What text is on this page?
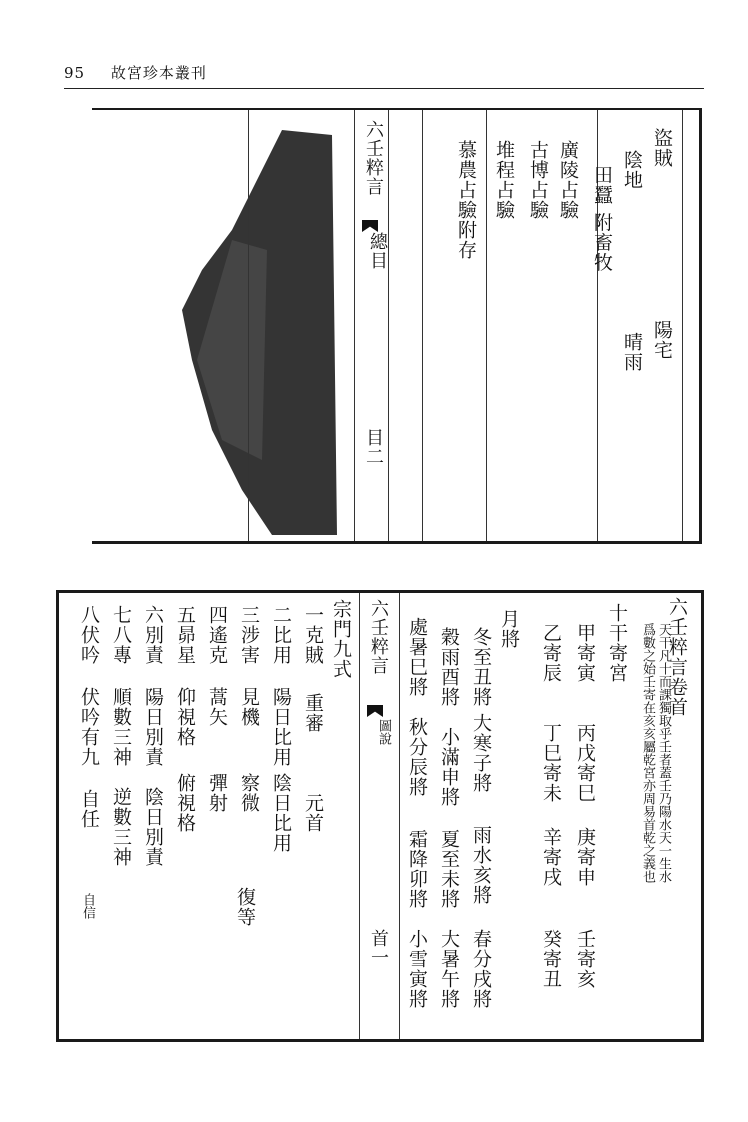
95 故宮珍本叢刊
六壬粹言
總目
目二
盜賊
陽宅
陰地
晴雨
田蠶 附畜牧
廣陵占驗
古博占驗
堆程占驗
慕農占驗附存
六壬粹言
圖說
首一
六壬粹言卷首
天干凡十而課獨取乎壬者蓋壬乃陽水天一生水
爲數之始壬寄在亥亥屬乾宮亦周易首乾之義也
十干寄宮
甲寄寅
丙戊寄巳
庚寄申
壬寄亥
乙寄辰
丁巳寄未
辛寄戌
癸寄丑
月將
冬至丑將
大寒子將
雨水亥將
春分戌將
穀雨酉將
小滿申將
夏至未將
大暑午將
處暑巳將
秋分辰將
霜降卯將
小雪寅將
宗門九式
一克賊
重審
元首
二比用
陽日比用
陰日比用
三涉害
見機
察微
復等
四遙克
蒿矢
彈射
五昴星
仰視格
俯視格
六別責
陽日別責
陰日別責
七八專
順數三神
逆數三神
八伏吟
伏吟有九
自任
自信
